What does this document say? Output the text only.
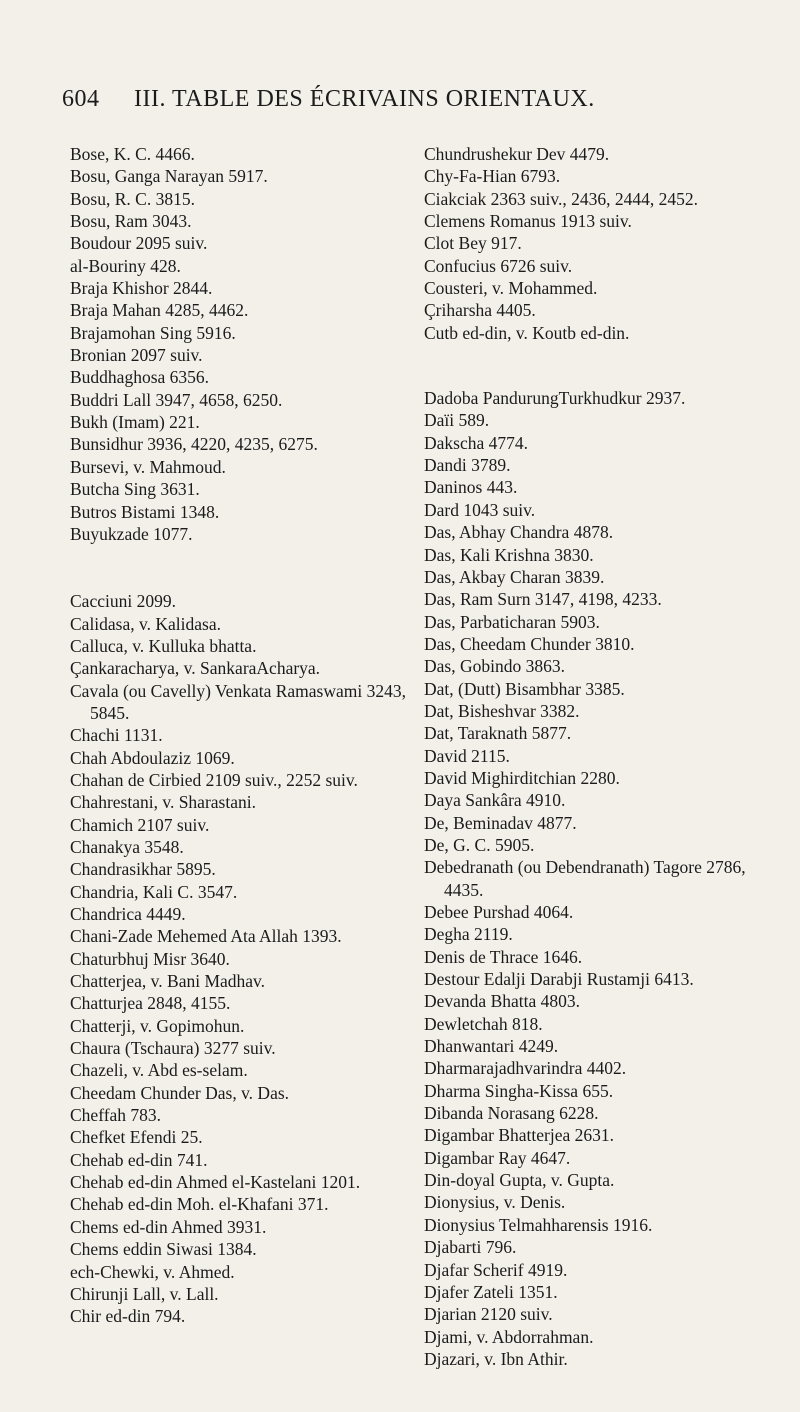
604 III. TABLE DES ÉCRIVAINS ORIENTAUX.
Bose, K. C. 4466.
Bosu, Ganga Narayan 5917.
Bosu, R. C. 3815.
Bosu, Ram 3043.
Boudour 2095 suiv.
al-Bouriny 428.
Braja Khishor 2844.
Braja Mahan 4285, 4462.
Brajamohan Sing 5916.
Bronian 2097 suiv.
Buddhaghosa 6356.
Buddri Lall 3947, 4658, 6250.
Bukh (Imam) 221.
Bunsidhur 3936, 4220, 4235, 6275.
Bursevi, v. Mahmoud.
Butcha Sing 3631.
Butros Bistami 1348.
Buyukzade 1077.
Cacciuni 2099.
Calidasa, v. Kalidasa.
Calluca, v. Kulluka bhatta.
Çankaracharya, v. SankaraAcharya.
Cavala (ou Cavelly) Venkata Ramaswami 3243, 5845.
Chachi 1131.
Chah Abdoulaziz 1069.
Chahan de Cirbied 2109 suiv., 2252 suiv.
Chahrestani, v. Sharastani.
Chamich 2107 suiv.
Chanakya 3548.
Chandrasikhar 5895.
Chandria, Kali C. 3547.
Chandrica 4449.
Chani-Zade Mehemed Ata Allah 1393.
Chaturbhuj Misr 3640.
Chatterjea, v. Bani Madhav.
Chatturjea 2848, 4155.
Chatterji, v. Gopimohun.
Chaura (Tschaura) 3277 suiv.
Chazeli, v. Abd es-selam.
Cheedam Chunder Das, v. Das.
Cheffah 783.
Chefket Efendi 25.
Chehab ed-din 741.
Chehab ed-din Ahmed el-Kastelani 1201.
Chehab ed-din Moh. el-Khafani 371.
Chems ed-din Ahmed 3931.
Chems eddin Siwasi 1384.
ech-Chewki, v. Ahmed.
Chirunji Lall, v. Lall.
Chir ed-din 794.
Chundrushekur Dev 4479.
Chy-Fa-Hian 6793.
Ciakciak 2363 suiv., 2436, 2444, 2452.
Clemens Romanus 1913 suiv.
Clot Bey 917.
Confucius 6726 suiv.
Cousteri, v. Mohammed.
Çriharsha 4405.
Cutb ed-din, v. Koutb ed-din.
Dadoba PandurungTurkhudkur 2937.
Daïi 589.
Dakscha 4774.
Dandi 3789.
Daninos 443.
Dard 1043 suiv.
Das, Abhay Chandra 4878.
Das, Kali Krishna 3830.
Das, Akbay Charan 3839.
Das, Ram Surn 3147, 4198, 4233.
Das, Parbaticharan 5903.
Das, Cheedam Chunder 3810.
Das, Gobindo 3863.
Dat, (Dutt) Bisambhar 3385.
Dat, Bisheshvar 3382.
Dat, Taraknath 5877.
David 2115.
David Mighirditchian 2280.
Daya Sankâra 4910.
De, Beminadav 4877.
De, G. C. 5905.
Debedranath (ou Debendranath) Tagore 2786, 4435.
Debee Purshad 4064.
Degha 2119.
Denis de Thrace 1646.
Destour Edalji Darabji Rustamji 6413.
Devanda Bhatta 4803.
Dewletchah 818.
Dhanwantari 4249.
Dharmarajadhvarindra 4402.
Dharma Singha-Kissa 655.
Dibanda Norasang 6228.
Digambar Bhatterjea 2631.
Digambar Ray 4647.
Din-doyal Gupta, v. Gupta.
Dionysius, v. Denis.
Dionysius Telmahharensis 1916.
Djabarti 796.
Djafar Scherif 4919.
Djafer Zateli 1351.
Djarian 2120 suiv.
Djami, v. Abdorrahman.
Djazari, v. Ibn Athir.
